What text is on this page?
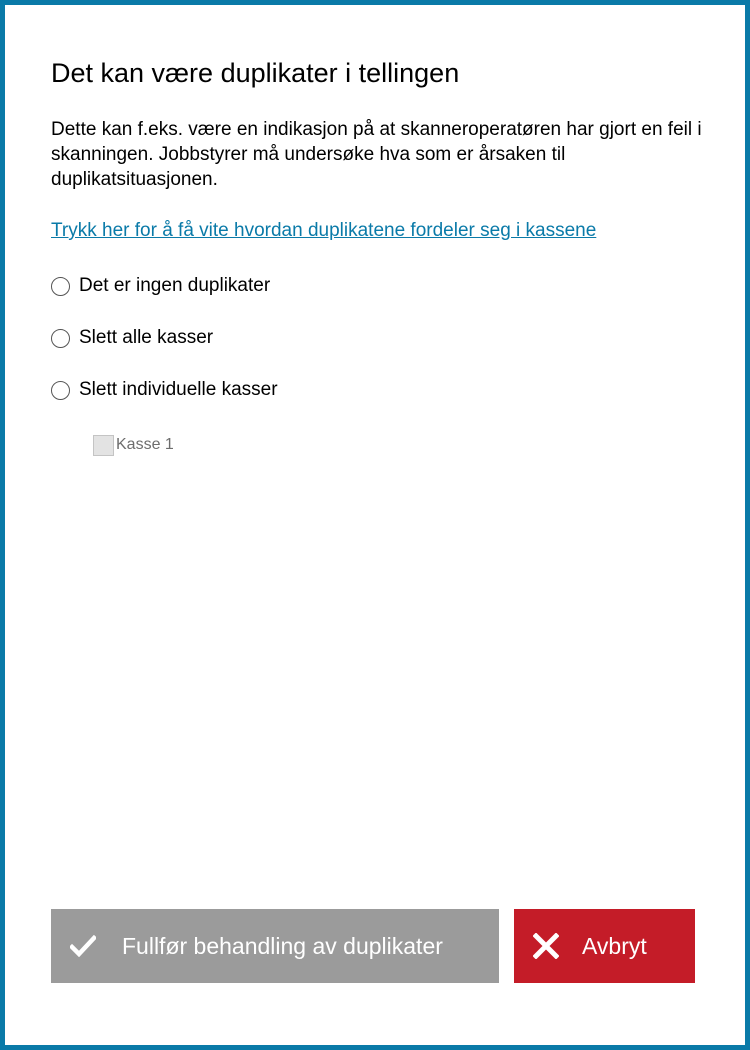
Det kan være duplikater i tellingen

Dette kan f.eks. være en indikasjon på at skanneroperatøren har gjort en feil i skanningen. Jobbstyrer må undersøke hva som er årsaken til duplikatsituasjonen.

Trykk her for å få vite hvordan duplikatene fordeler seg i kassene
Det er ingen duplikater
Slett alle kasser
Slett individuelle kasser
Kasse 1
Fullfør behandling av duplikater	Avbryt
